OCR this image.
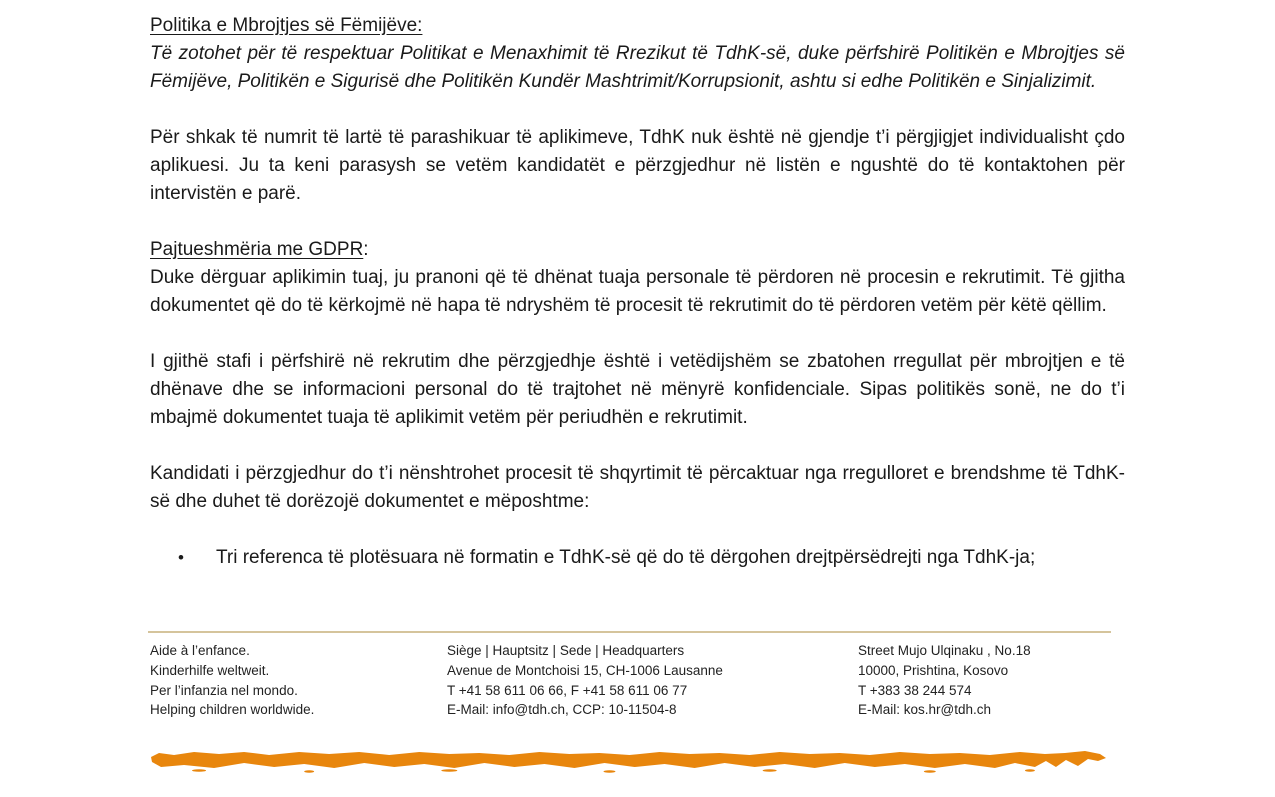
Politika e Mbrojtjes së Fëmijëve:

Të zotohet për të respektuar Politikat e Menaxhimit të Rrezikut të TdhK-së, duke përfshirë Politikën e Mbrojtjes së Fëmijëve, Politikën e Sigurisë dhe Politikën Kundër Mashtrimit/Korrupsionit, ashtu si edhe Politikën e Sinjalizimit.

Për shkak të numrit të lartë të parashikuar të aplikimeve, TdhK nuk është në gjendje t’i përgjigjet individualisht çdo aplikuesi. Ju ta keni parasysh se vetëm kandidatët e përzgjedhur në listën e ngushtë do të kontaktohen për intervistën e parë.

Pajtueshmëria me GDPR:

Duke dërguar aplikimin tuaj, ju pranoni që të dhënat tuaja personale të përdoren në procesin e rekrutimit. Të gjitha dokumentet që do të kërkojmë në hapa të ndryshëm të procesit të rekrutimit do të përdoren vetëm për këtë qëllim.

I gjithë stafi i përfshirë në rekrutim dhe përzgjedhje është i vetëdijshëm se zbatohen rregullat për mbrojtjen e të dhënave dhe se informacioni personal do të trajtohet në mënyrë konfidenciale. Sipas politikës sonë, ne do t’i mbajmë dokumentet tuaja të aplikimit vetëm për periudhën e rekrutimit.

Kandidati i përzgjedhur do t’i nënshtrohet procesit të shqyrtimit të përcaktuar nga rregulloret e brendshme të TdhK-së dhe duhet të dorëzojë dokumentet e mëposhtme:

•	Tri referenca të plotësuara në formatin e TdhK-së që do të dërgohen drejtpërsëdrejti nga TdhK-ja;
Aide à l’enfance.
Kinderhilfe weltweit.
Per l’infanzia nel mondo.
Helping children worldwide.
Siège | Hauptsitz | Sede | Headquarters
Avenue de Montchoisi 15, CH-1006 Lausanne
T +41 58 611 06 66, F +41 58 611 06 77
E-Mail: info@tdh.ch, CCP: 10-11504-8
Street Mujo Ulqinaku , No.18
10000, Prishtina, Kosovo
T +383 38 244 574
E-Mail: kos.hr@tdh.ch
